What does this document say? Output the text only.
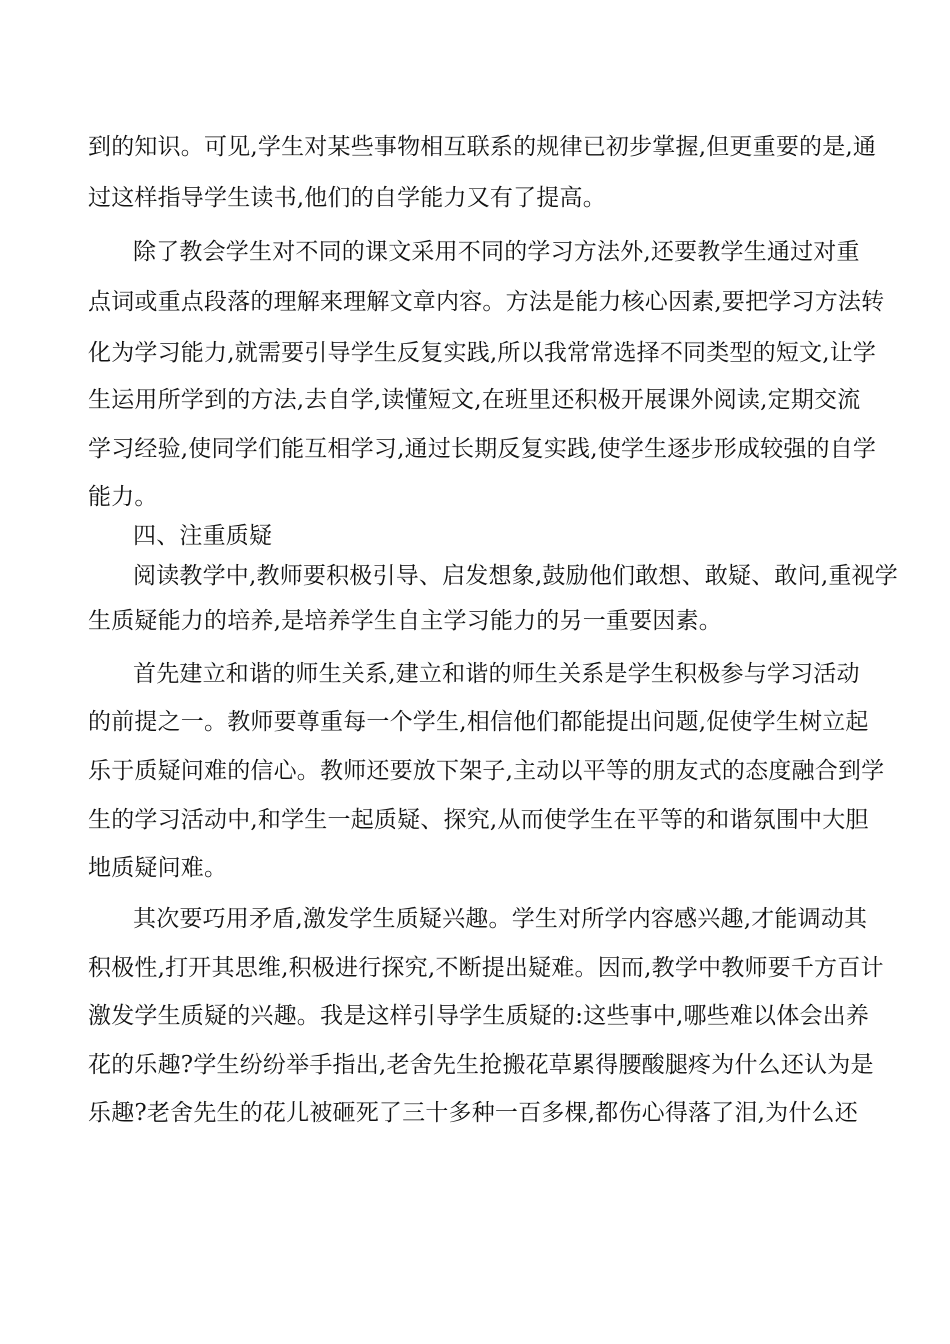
到的知识。可见,学生对某些事物相互联系的规律已初步掌握,但更重要的是,通
过这样指导学生读书,他们的自学能力又有了提高。
除了教会学生对不同的课文采用不同的学习方法外,还要教学生通过对重
点词或重点段落的理解来理解文章内容。方法是能力核心因素,要把学习方法转
化为学习能力,就需要引导学生反复实践,所以我常常选择不同类型的短文,让学
生运用所学到的方法,去自学,读懂短文,在班里还积极开展课外阅读,定期交流
学习经验,使同学们能互相学习,通过长期反复实践,使学生逐步形成较强的自学
能力。
四、注重质疑
阅读教学中,教师要积极引导、启发想象,鼓励他们敢想、敢疑、敢问,重视学
生质疑能力的培养,是培养学生自主学习能力的另一重要因素。
首先建立和谐的师生关系,建立和谐的师生关系是学生积极参与学习活动
的前提之一。教师要尊重每一个学生,相信他们都能提出问题,促使学生树立起
乐于质疑问难的信心。教师还要放下架子,主动以平等的朋友式的态度融合到学
生的学习活动中,和学生一起质疑、探究,从而使学生在平等的和谐氛围中大胆
地质疑问难。
其次要巧用矛盾,激发学生质疑兴趣。学生对所学内容感兴趣,才能调动其
积极性,打开其思维,积极进行探究,不断提出疑难。因而,教学中教师要千方百计
激发学生质疑的兴趣。我是这样引导学生质疑的:这些事中,哪些难以体会出养
花的乐趣?学生纷纷举手指出,老舍先生抢搬花草累得腰酸腿疼为什么还认为是
乐趣?老舍先生的花儿被砸死了三十多种一百多棵,都伤心得落了泪,为什么还
